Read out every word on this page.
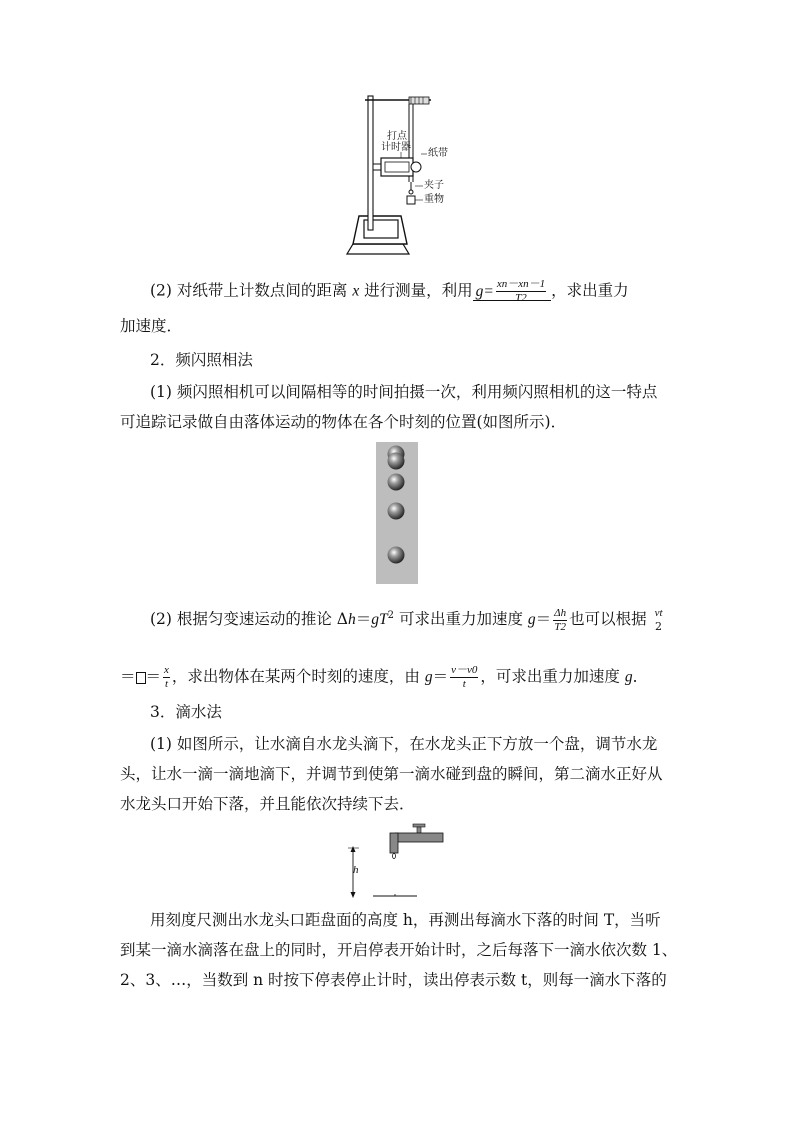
打点
计时器
纸带
夹子
重物
(2) 对纸带上计数点间的距离 x 进行测量，利用 $g= \frac{xn-xn-1}{T2}$ ，求出重力
加速度．
2．频闪照相法
(1) 频闪照相机可以间隔相等的时间拍摄一次，利用频闪照相机的这一特点
可追踪记录做自由落体运动的物体在各个时刻的位置(如图所示)．
(2) 根据匀变速运动的推论 $\Delta h=gT^2$ 可求出重力加速度 $g= \frac{\Delta h}{T2}$ 也可以根据 vt
2
＝ ＝ $\frac{x}{t}$ ，求出物体在某两个时刻的速度，由 $g= \frac{v-v0}{t}$ ，可求出重力加速度 g．
3．滴水法
(1) 如图所示，让水滴自水龙头滴下，在水龙头正下方放一个盘，调节水龙
头，让水一滴一滴地滴下，并调节到使第一滴水碰到盘的瞬间，第二滴水正好从
水龙头口开始下落，并且能依次持续下去．
h
用刻度尺测出水龙头口距盘面的高度 h，再测出每滴水下落的时间 T，当听
到某一滴水滴落在盘上的同时，开启停表开始计时，之后每落下一滴水依次数 1、
2、3、…，当数到 n 时按下停表停止计时，读出停表示数 t，则每一滴水下落的
